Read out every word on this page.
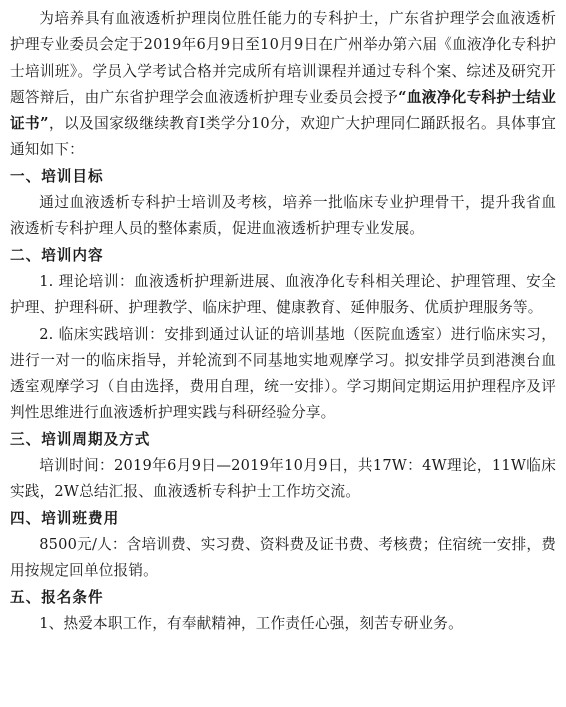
为培养具有血液透析护理岗位胜任能力的专科护士，广东省护理学会血液透析护理专业委员会定于2019年6月9日至10月9日在广州举办第六届《血液净化专科护士培训班》。学员入学考试合格并完成所有培训课程并通过专科个案、综述及研究开题答辩后，由广东省护理学会血液透析护理专业委员会授予“血液净化专科护士结业证书”，以及国家级继续教育Ⅰ类学分10分，欢迎广大护理同仁踊跃报名。具体事宜通知如下：

一、培训目标

通过血液透析专科护士培训及考核，培养一批临床专业护理骨干，提升我省血液透析专科护理人员的整体素质，促进血液透析护理专业发展。

二、培训内容

1. 理论培训：血液透析护理新进展、血液净化专科相关理论、护理管理、安全护理、护理科研、护理教学、临床护理、健康教育、延伸服务、优质护理服务等。

2. 临床实践培训：安排到通过认证的培训基地（医院血透室）进行临床实习，进行一对一的临床指导，并轮流到不同基地实地观摩学习。拟安排学员到港澳台血透室观摩学习（自由选择，费用自理，统一安排）。学习期间定期运用护理程序及评判性思维进行血液透析护理实践与科研经验分享。

三、培训周期及方式

培训时间：2019年6月9日—2019年10月9日，共17W：4W理论，11W临床实践，2W总结汇报、血液透析专科护士工作坊交流。

四、培训班费用

8500元/人：含培训费、实习费、资料费及证书费、考核费；住宿统一安排，费用按规定回单位报销。

五、报名条件

1、热爱本职工作，有奉献精神，工作责任心强，刻苦专研业务。
